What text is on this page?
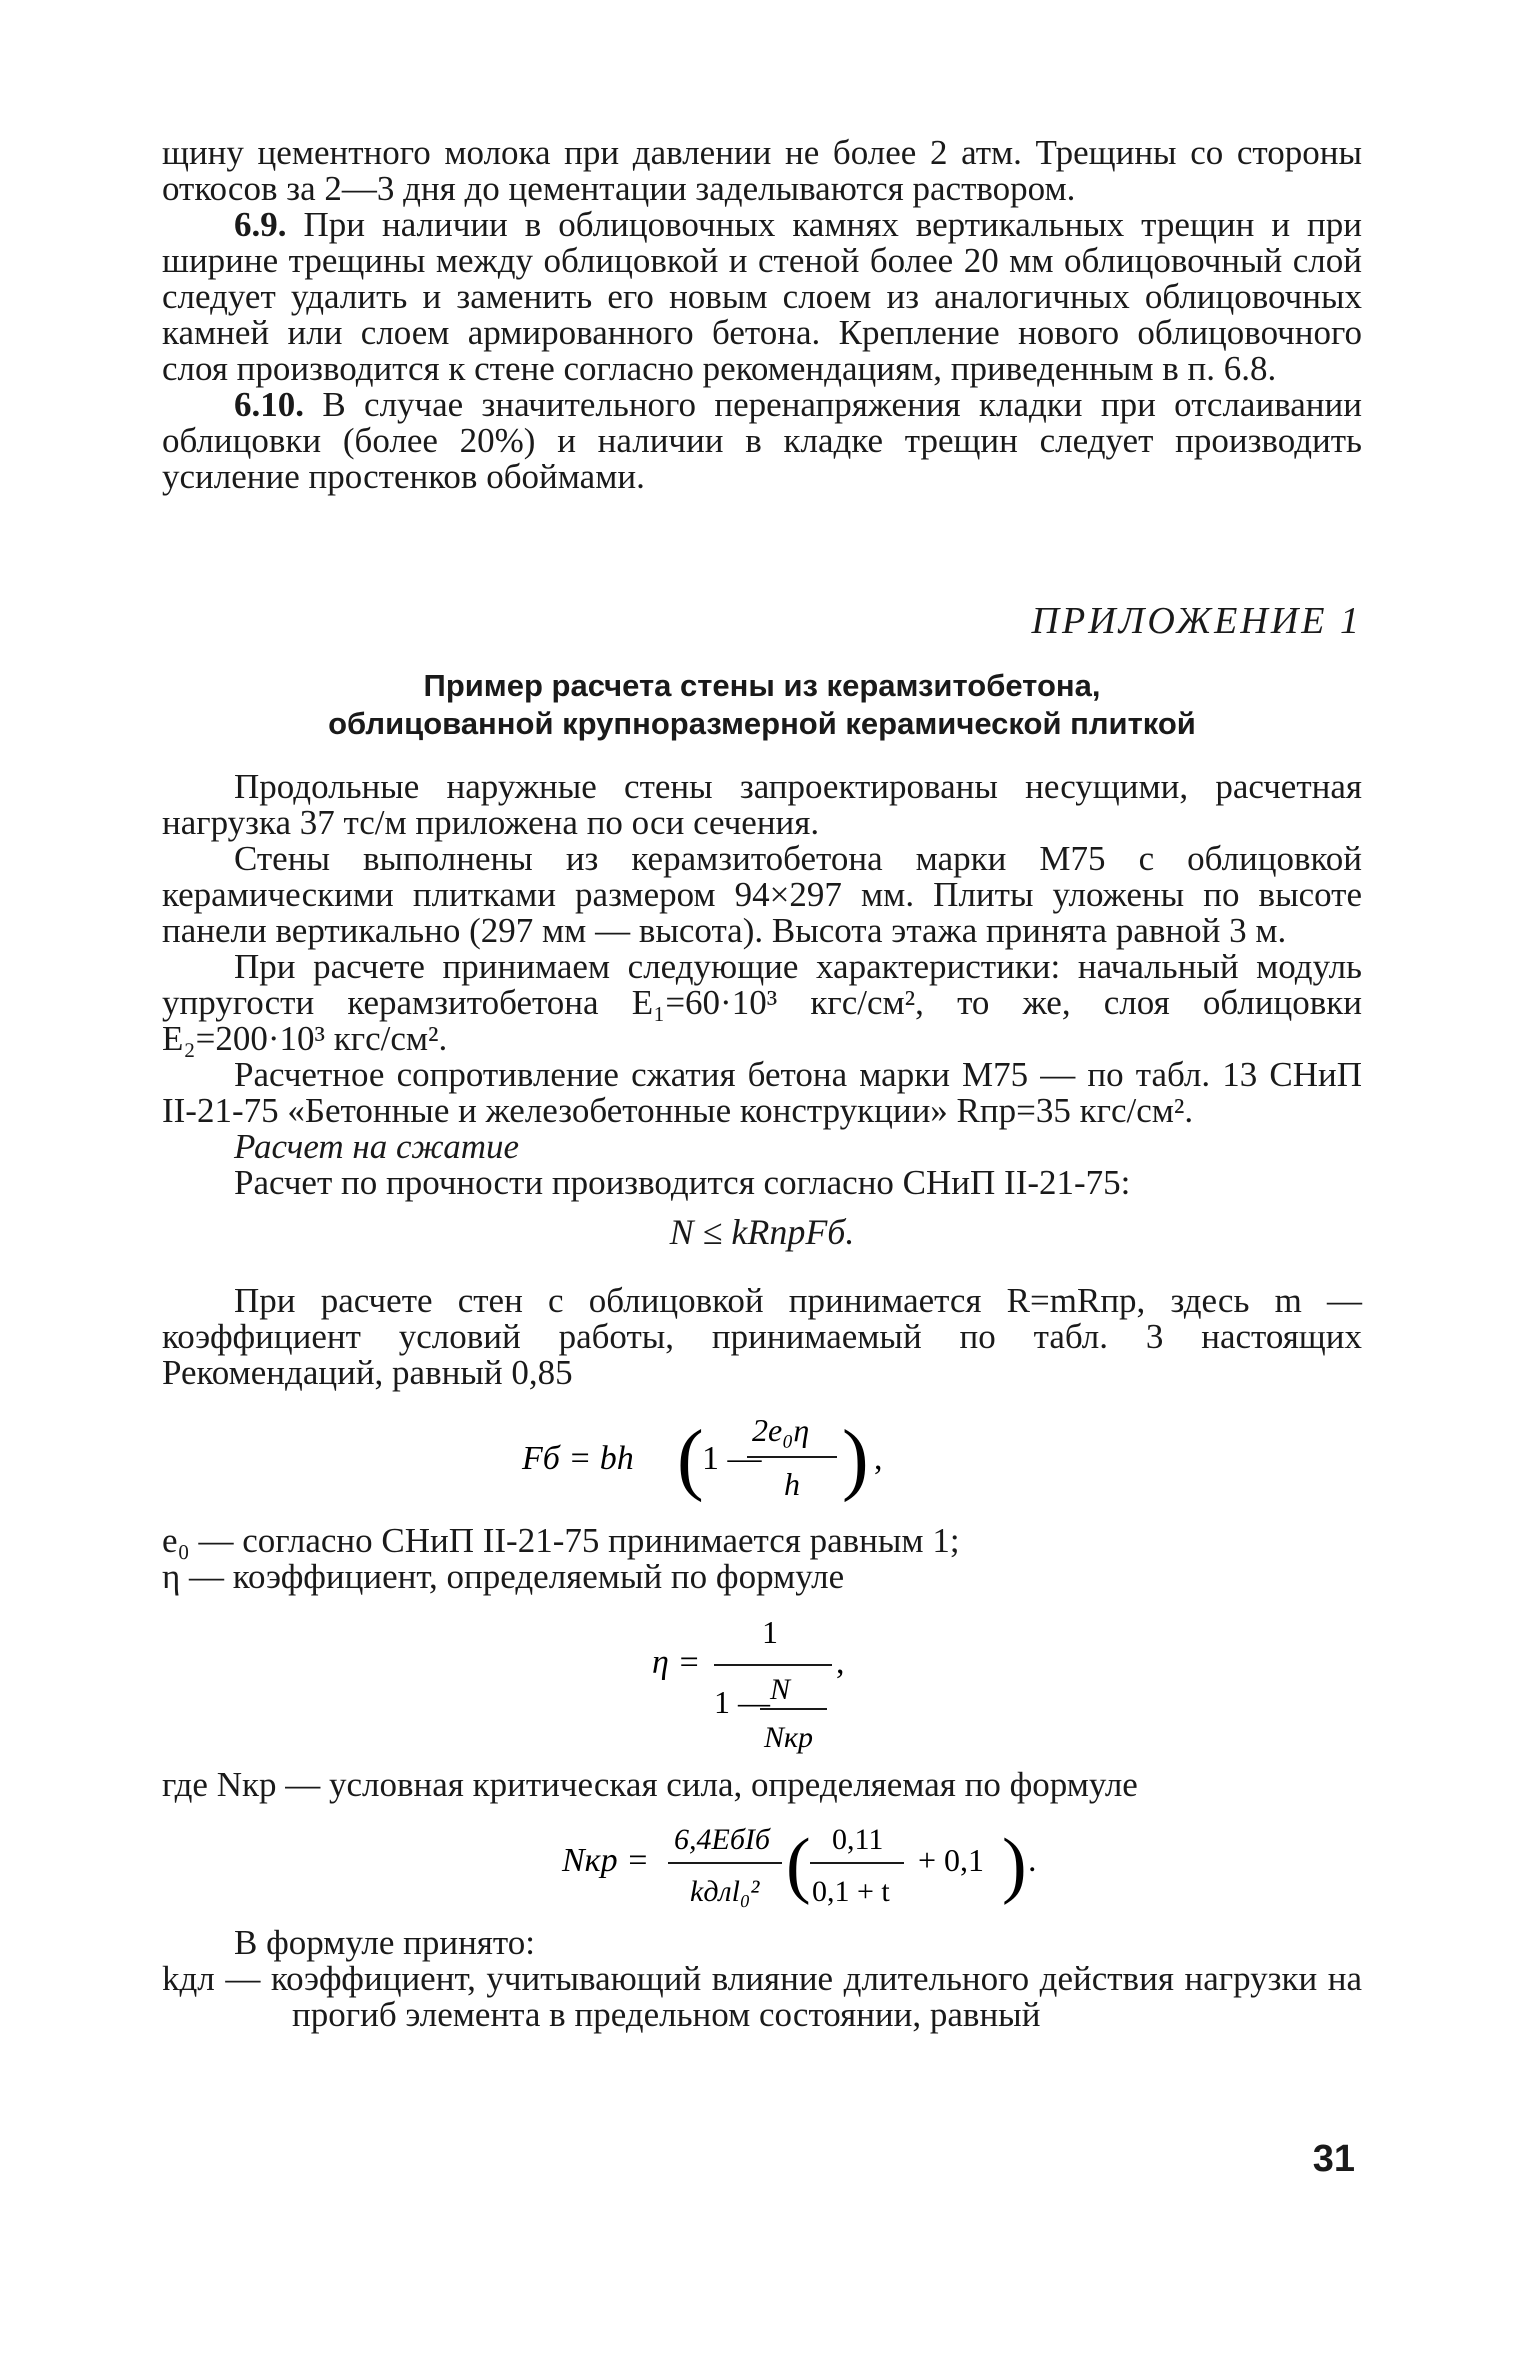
щину цементного молока при давлении не более 2 атм. Трещины со стороны откосов за 2—3 дня до цементации заделываются раствором.

6.9. При наличии в облицовочных камнях вертикальных трещин и при ширине трещины между облицовкой и стеной более 20 мм облицовочный слой следует удалить и заменить его новым слоем из аналогичных облицовочных камней или слоем армированного бетона. Крепление нового облицовочного слоя производится к стене согласно рекомендациям, приведенным в п. 6.8.

6.10. В случае значительного перенапряжения кладки при отслаивании облицовки (более 20%) и наличии в кладке трещин следует производить усиление простенков обоймами.

ПРИЛОЖЕНИЕ 1
Пример расчета стены из керамзитобетона,
облицованной крупноразмерной керамической плиткой

Продольные наружные стены запроектированы несущими, расчетная нагрузка 37 тс/м приложена по оси сечения.

Стены выполнены из керамзитобетона марки М75 с облицовкой керамическими плитками размером 94×297 мм. Плиты уложены по высоте панели вертикально (297 мм — высота). Высота этажа принята равной 3 м.

При расчете принимаем следующие характеристики: начальный модуль упругости керамзитобетона E₁=60·10³ кгс/см², то же, слоя облицовки E₂=200·10³ кгс/см².

Расчетное сопротивление сжатия бетона марки М75 — по табл. 13 СНиП II-21-75 «Бетонные и железобетонные конструкции» Rпр=35 кгс/см².

Расчет на сжатие

Расчет по прочности производится согласно СНиП II-21-75:

N ≤ kRпрFб.

При расчете стен с облицовкой принимается R=mRпр, здесь m — коэффициент условий работы, принимаемый по табл. 3 настоящих Рекомендаций, равный 0,85

Fб = bh (
1 —
2e₀η
h ) ,

e₀ — согласно СНиП II-21-75 принимается равным 1;

η — коэффициент, определяемый по формуле

η =
1
1 — N
Nкр
,

где Nкр — условная критическая сила, определяемая по формуле

Nкр =
6,4EбIб
kдлl₀² ( 0,11
0,1 + t
+ 0,1 ) .

В формуле принято:

kдл — коэффициент, учитывающий влияние длительного действия нагрузки на прогиб элемента в предельном состоянии, равный

31
